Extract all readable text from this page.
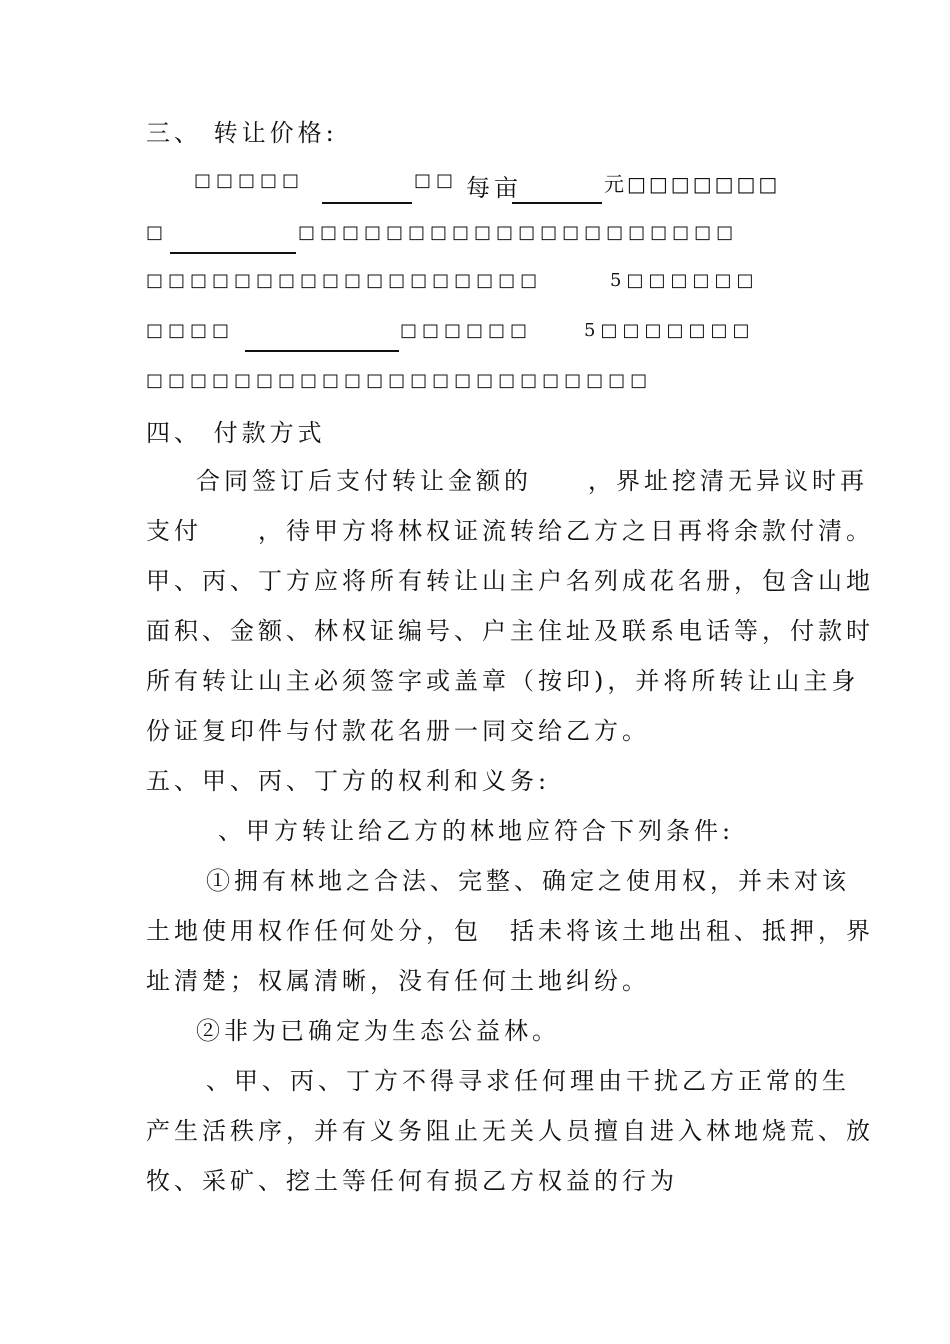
三、 转让价格:
□□□□□	□□ 每亩	元□□□□□□□
□	□□□□□□□□□□□□□□□□□□□□
□□□□□□□□□□□□□□□□□□	5□□□□□□
□□□□	□□□□□□	5□□□□□□□
□□□□□□□□□□□□□□□□□□□□□□□
四、 付款方式
合同签订后支付转让金额的　　，界址挖清无异议时再
支付　　，待甲方将林权证流转给乙方之日再将余款付清。
甲、丙、丁方应将所有转让山主户名列成花名册，包含山地
面积、金额、林权证编号、户主住址及联系电话等，付款时
所有转让山主必须签字或盖章（按印)，并将所转让山主身
份证复印件与付款花名册一同交给乙方。
五、甲、丙、丁方的权利和义务:
、甲方转让给乙方的林地应符合下列条件:
①拥有林地之合法、完整、确定之使用权，并未对该
土地使用权作任何处分，包　括未将该土地出租、抵押，界
址清楚；权属清晰，没有任何土地纠纷。
②非为已确定为生态公益林。
、甲、丙、丁方不得寻求任何理由干扰乙方正常的生
产生活秩序，并有义务阻止无关人员擅自进入林地烧荒、放
牧、采矿、挖土等任何有损乙方权益的行为
